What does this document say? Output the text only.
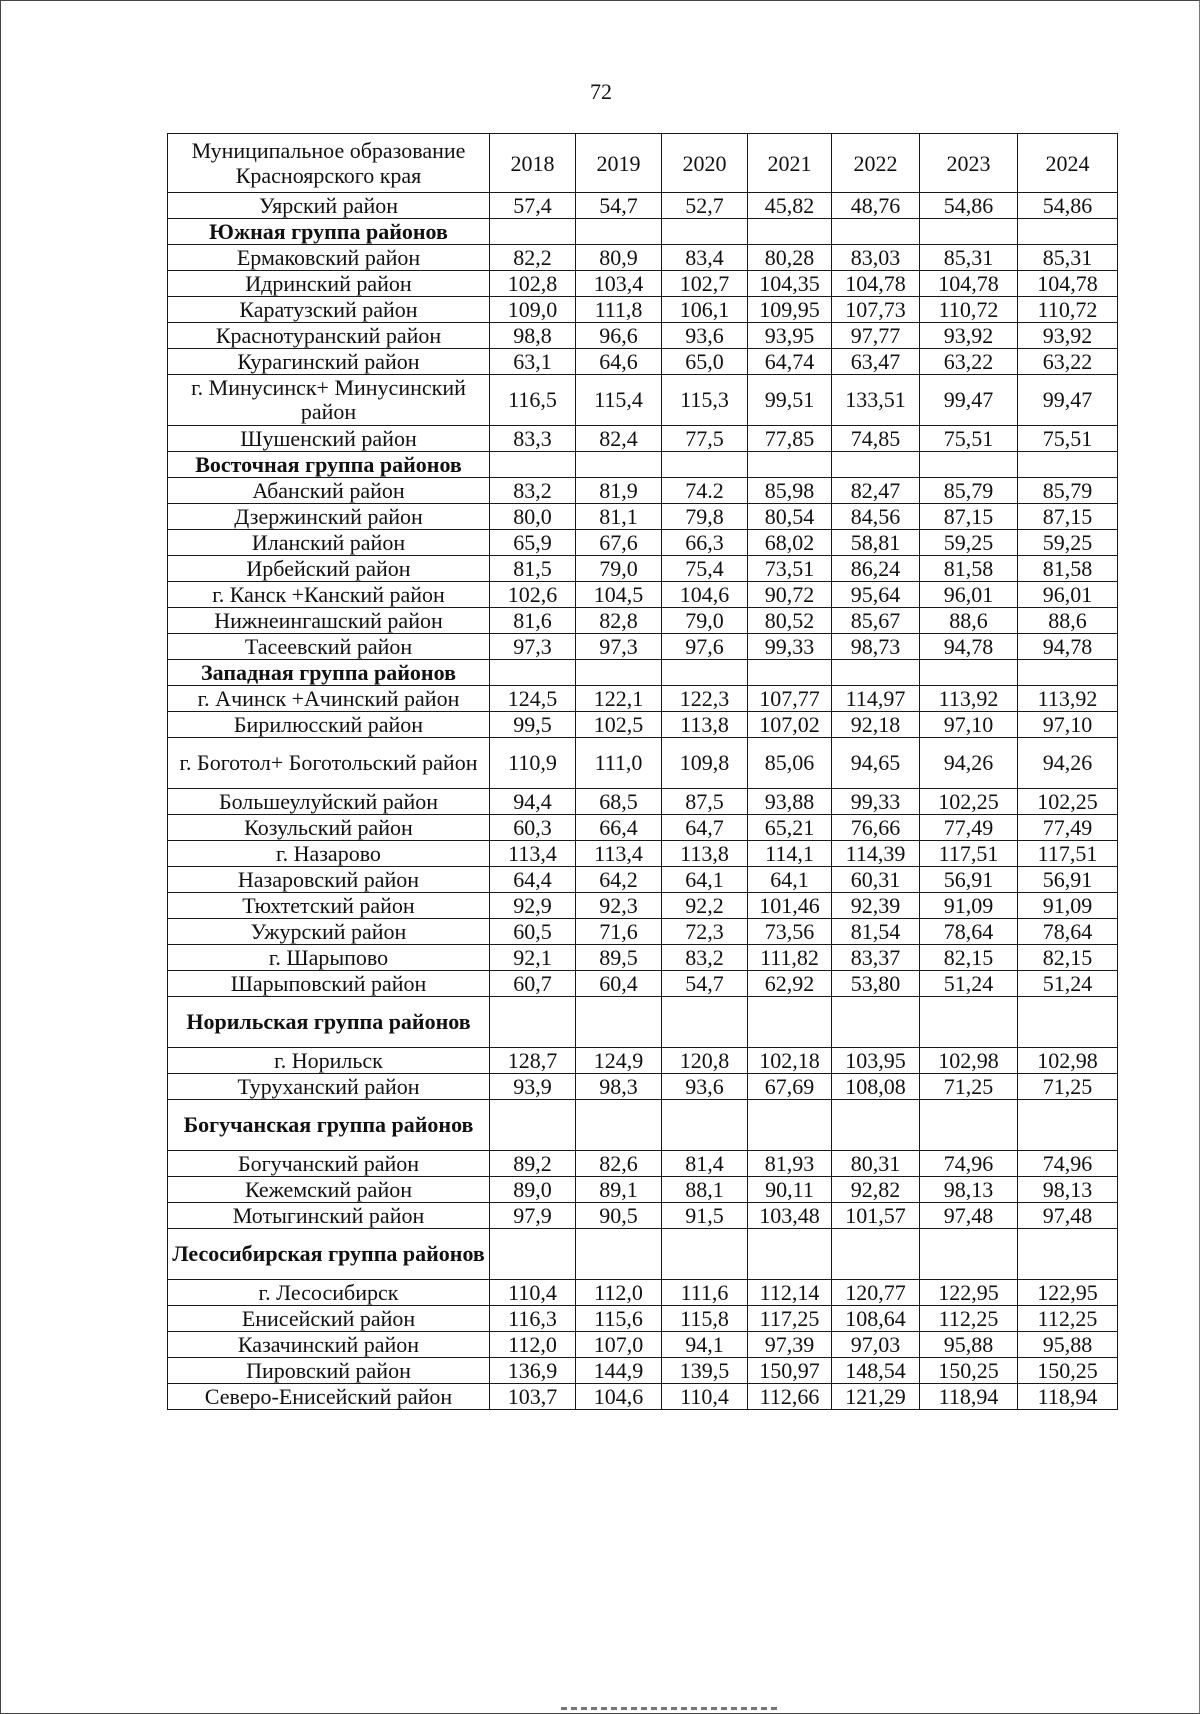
72
Муниципальное образование Красноярского края	2018	2019	2020	2021	2022	2023	2024
Уярский район	57,4	54,7	52,7	45,82	48,76	54,86	54,86
Южная группа районов							
Ермаковский район	82,2	80,9	83,4	80,28	83,03	85,31	85,31
Идринский район	102,8	103,4	102,7	104,35	104,78	104,78	104,78
Каратузский район	109,0	111,8	106,1	109,95	107,73	110,72	110,72
Краснотуранский район	98,8	96,6	93,6	93,95	97,77	93,92	93,92
Курагинский район	63,1	64,6	65,0	64,74	63,47	63,22	63,22
г. Минусинск+ Минусинский район	116,5	115,4	115,3	99,51	133,51	99,47	99,47
Шушенский район	83,3	82,4	77,5	77,85	74,85	75,51	75,51
Восточная группа районов							
Абанский район	83,2	81,9	74.2	85,98	82,47	85,79	85,79
Дзержинский район	80,0	81,1	79,8	80,54	84,56	87,15	87,15
Иланский район	65,9	67,6	66,3	68,02	58,81	59,25	59,25
Ирбейский район	81,5	79,0	75,4	73,51	86,24	81,58	81,58
г. Канск +Канский район	102,6	104,5	104,6	90,72	95,64	96,01	96,01
Нижнеингашский район	81,6	82,8	79,0	80,52	85,67	88,6	88,6
Тасеевский район	97,3	97,3	97,6	99,33	98,73	94,78	94,78
Западная группа районов							
г. Ачинск +Ачинский район	124,5	122,1	122,3	107,77	114,97	113,92	113,92
Бирилюсский район	99,5	102,5	113,8	107,02	92,18	97,10	97,10
г. Боготол+ Боготольский район	110,9	111,0	109,8	85,06	94,65	94,26	94,26
Большеулуйский район	94,4	68,5	87,5	93,88	99,33	102,25	102,25
Козульский район	60,3	66,4	64,7	65,21	76,66	77,49	77,49
г. Назарово	113,4	113,4	113,8	114,1	114,39	117,51	117,51
Назаровский район	64,4	64,2	64,1	64,1	60,31	56,91	56,91
Тюхтетский район	92,9	92,3	92,2	101,46	92,39	91,09	91,09
Ужурский район	60,5	71,6	72,3	73,56	81,54	78,64	78,64
г. Шарыпово	92,1	89,5	83,2	111,82	83,37	82,15	82,15
Шарыповский район	60,7	60,4	54,7	62,92	53,80	51,24	51,24
Норильская группа районов							
г. Норильск	128,7	124,9	120,8	102,18	103,95	102,98	102,98
Туруханский район	93,9	98,3	93,6	67,69	108,08	71,25	71,25
Богучанская группа районов							
Богучанский район	89,2	82,6	81,4	81,93	80,31	74,96	74,96
Кежемский район	89,0	89,1	88,1	90,11	92,82	98,13	98,13
Мотыгинский район	97,9	90,5	91,5	103,48	101,57	97,48	97,48
Лесосибирская группа районов							
г. Лесосибирск	110,4	112,0	111,6	112,14	120,77	122,95	122,95
Енисейский район	116,3	115,6	115,8	117,25	108,64	112,25	112,25
Казачинский район	112,0	107,0	94,1	97,39	97,03	95,88	95,88
Пировский район	136,9	144,9	139,5	150,97	148,54	150,25	150,25
Северо-Енисейский район	103,7	104,6	110,4	112,66	121,29	118,94	118,94
